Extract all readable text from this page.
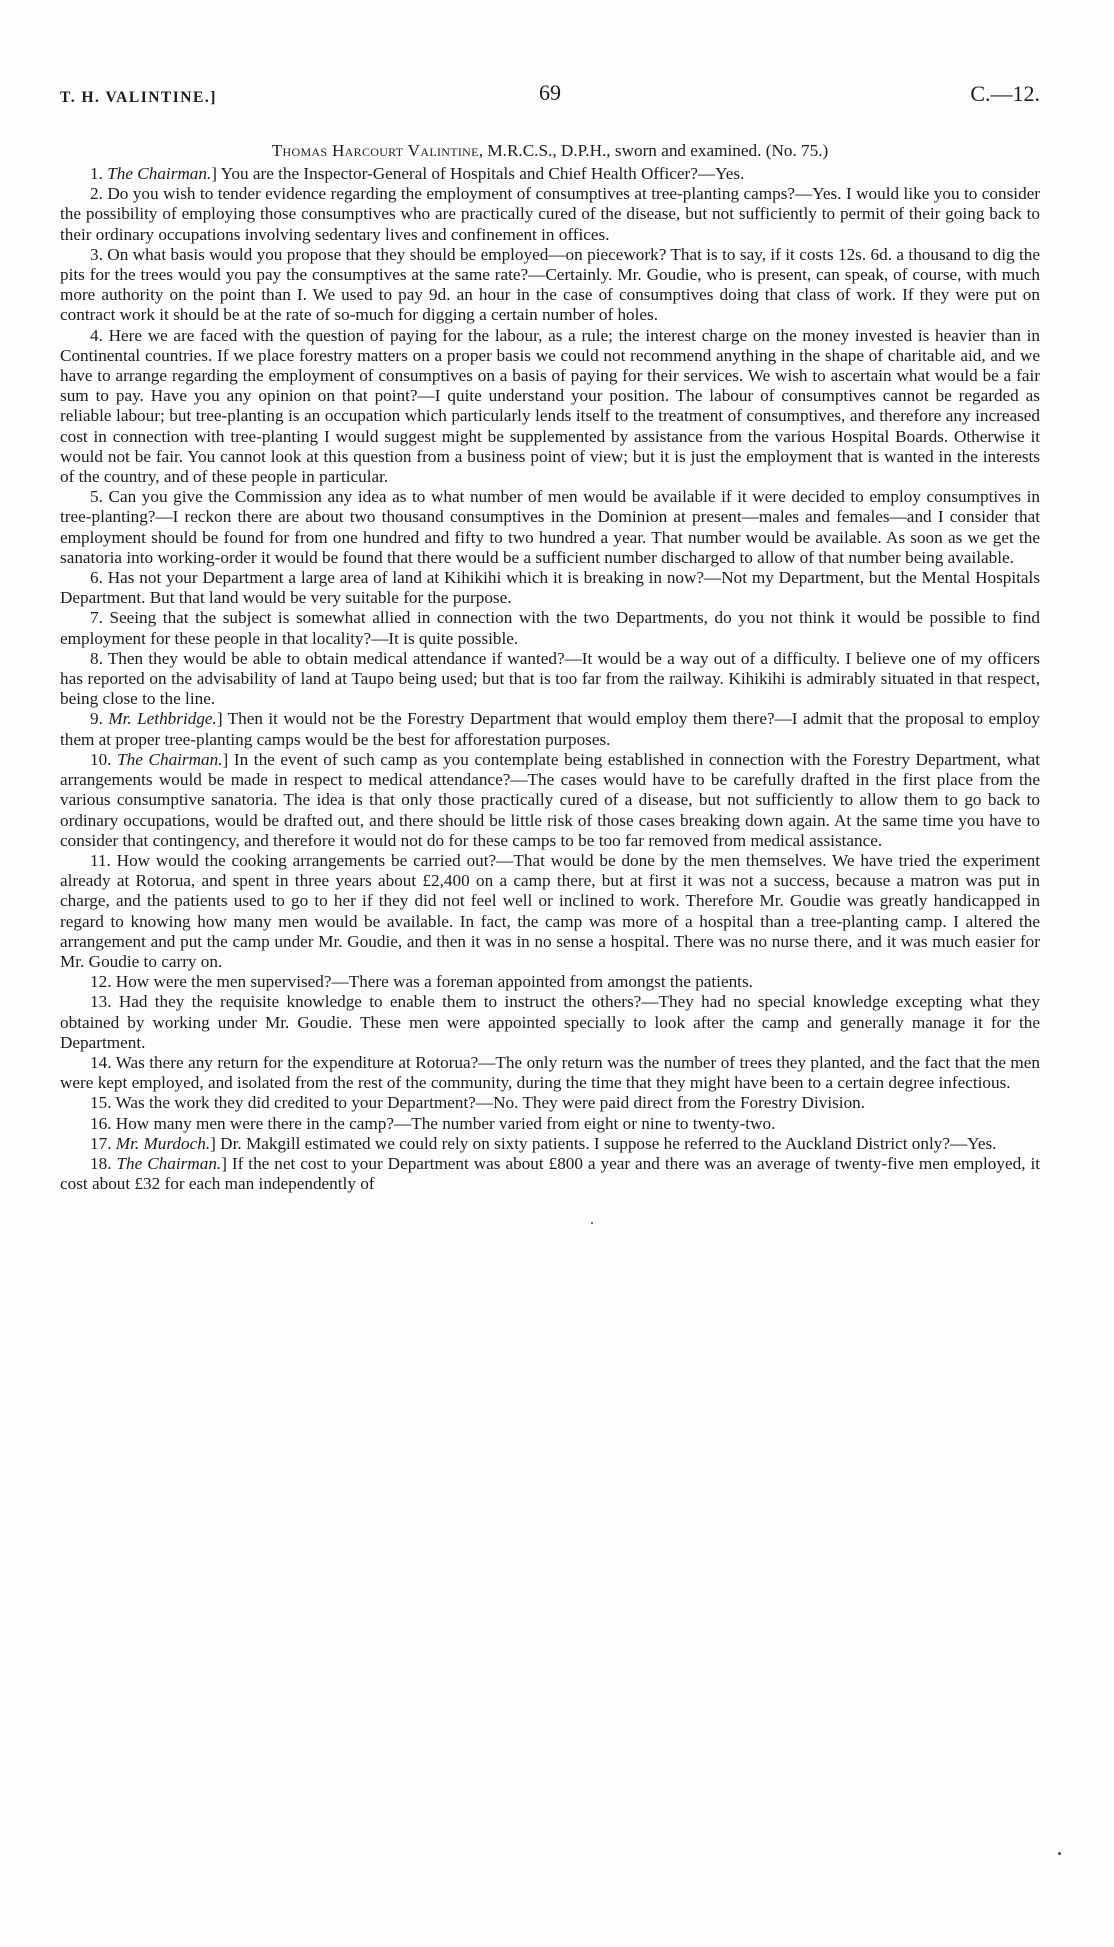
T. H. VALINTINE.]	69	C.—12.
Thomas Harcourt Valintine, M.R.C.S., D.P.H., sworn and examined. (No. 75.)

1. The Chairman.] You are the Inspector-General of Hospitals and Chief Health Officer?—Yes.

2. Do you wish to tender evidence regarding the employment of consumptives at tree-planting camps?—Yes. I would like you to consider the possibility of employing those consumptives who are practically cured of the disease, but not sufficiently to permit of their going back to their ordinary occupations involving sedentary lives and confinement in offices.

3. On what basis would you propose that they should be employed—on piecework? That is to say, if it costs 12s. 6d. a thousand to dig the pits for the trees would you pay the consumptives at the same rate?—Certainly. Mr. Goudie, who is present, can speak, of course, with much more authority on the point than I. We used to pay 9d. an hour in the case of consumptives doing that class of work. If they were put on contract work it should be at the rate of so-much for digging a certain number of holes.

4. Here we are faced with the question of paying for the labour, as a rule; the interest charge on the money invested is heavier than in Continental countries. If we place forestry matters on a proper basis we could not recommend anything in the shape of charitable aid, and we have to arrange regarding the employment of consumptives on a basis of paying for their services. We wish to ascertain what would be a fair sum to pay. Have you any opinion on that point?—I quite understand your position. The labour of consumptives cannot be regarded as reliable labour; but tree-planting is an occupation which particularly lends itself to the treatment of consumptives, and therefore any increased cost in connection with tree-planting I would suggest might be supplemented by assistance from the various Hospital Boards. Otherwise it would not be fair. You cannot look at this question from a business point of view; but it is just the employment that is wanted in the interests of the country, and of these people in particular.

5. Can you give the Commission any idea as to what number of men would be available if it were decided to employ consumptives in tree-planting?—I reckon there are about two thousand consumptives in the Dominion at present—males and females—and I consider that employment should be found for from one hundred and fifty to two hundred a year. That number would be available. As soon as we get the sanatoria into working-order it would be found that there would be a sufficient number discharged to allow of that number being available.

6. Has not your Department a large area of land at Kihikihi which it is breaking in now?—Not my Department, but the Mental Hospitals Department. But that land would be very suitable for the purpose.

7. Seeing that the subject is somewhat allied in connection with the two Departments, do you not think it would be possible to find employment for these people in that locality?—It is quite possible.

8. Then they would be able to obtain medical attendance if wanted?—It would be a way out of a difficulty. I believe one of my officers has reported on the advisability of land at Taupo being used; but that is too far from the railway. Kihikihi is admirably situated in that respect, being close to the line.

9. Mr. Lethbridge.] Then it would not be the Forestry Department that would employ them there?—I admit that the proposal to employ them at proper tree-planting camps would be the best for afforestation purposes.

10. The Chairman.] In the event of such camp as you contemplate being established in connection with the Forestry Department, what arrangements would be made in respect to medical attendance?—The cases would have to be carefully drafted in the first place from the various consumptive sanatoria. The idea is that only those practically cured of a disease, but not sufficiently to allow them to go back to ordinary occupations, would be drafted out, and there should be little risk of those cases breaking down again. At the same time you have to consider that contingency, and therefore it would not do for these camps to be too far removed from medical assistance.

11. How would the cooking arrangements be carried out?—That would be done by the men themselves. We have tried the experiment already at Rotorua, and spent in three years about £2,400 on a camp there, but at first it was not a success, because a matron was put in charge, and the patients used to go to her if they did not feel well or inclined to work. Therefore Mr. Goudie was greatly handicapped in regard to knowing how many men would be available. In fact, the camp was more of a hospital than a tree-planting camp. I altered the arrangement and put the camp under Mr. Goudie, and then it was in no sense a hospital. There was no nurse there, and it was much easier for Mr. Goudie to carry on.

12. How were the men supervised?—There was a foreman appointed from amongst the patients.

13. Had they the requisite knowledge to enable them to instruct the others?—They had no special knowledge excepting what they obtained by working under Mr. Goudie. These men were appointed specially to look after the camp and generally manage it for the Department.

14. Was there any return for the expenditure at Rotorua?—The only return was the number of trees they planted, and the fact that the men were kept employed, and isolated from the rest of the community, during the time that they might have been to a certain degree infectious.

15. Was the work they did credited to your Department?—No. They were paid direct from the Forestry Division.

16. How many men were there in the camp?—The number varied from eight or nine to twenty-two.

17. Mr. Murdoch.] Dr. Makgill estimated we could rely on sixty patients. I suppose he referred to the Auckland District only?—Yes.

18. The Chairman.] If the net cost to your Department was about £800 a year and there was an average of twenty-five men employed, it cost about £32 for each man independently of
